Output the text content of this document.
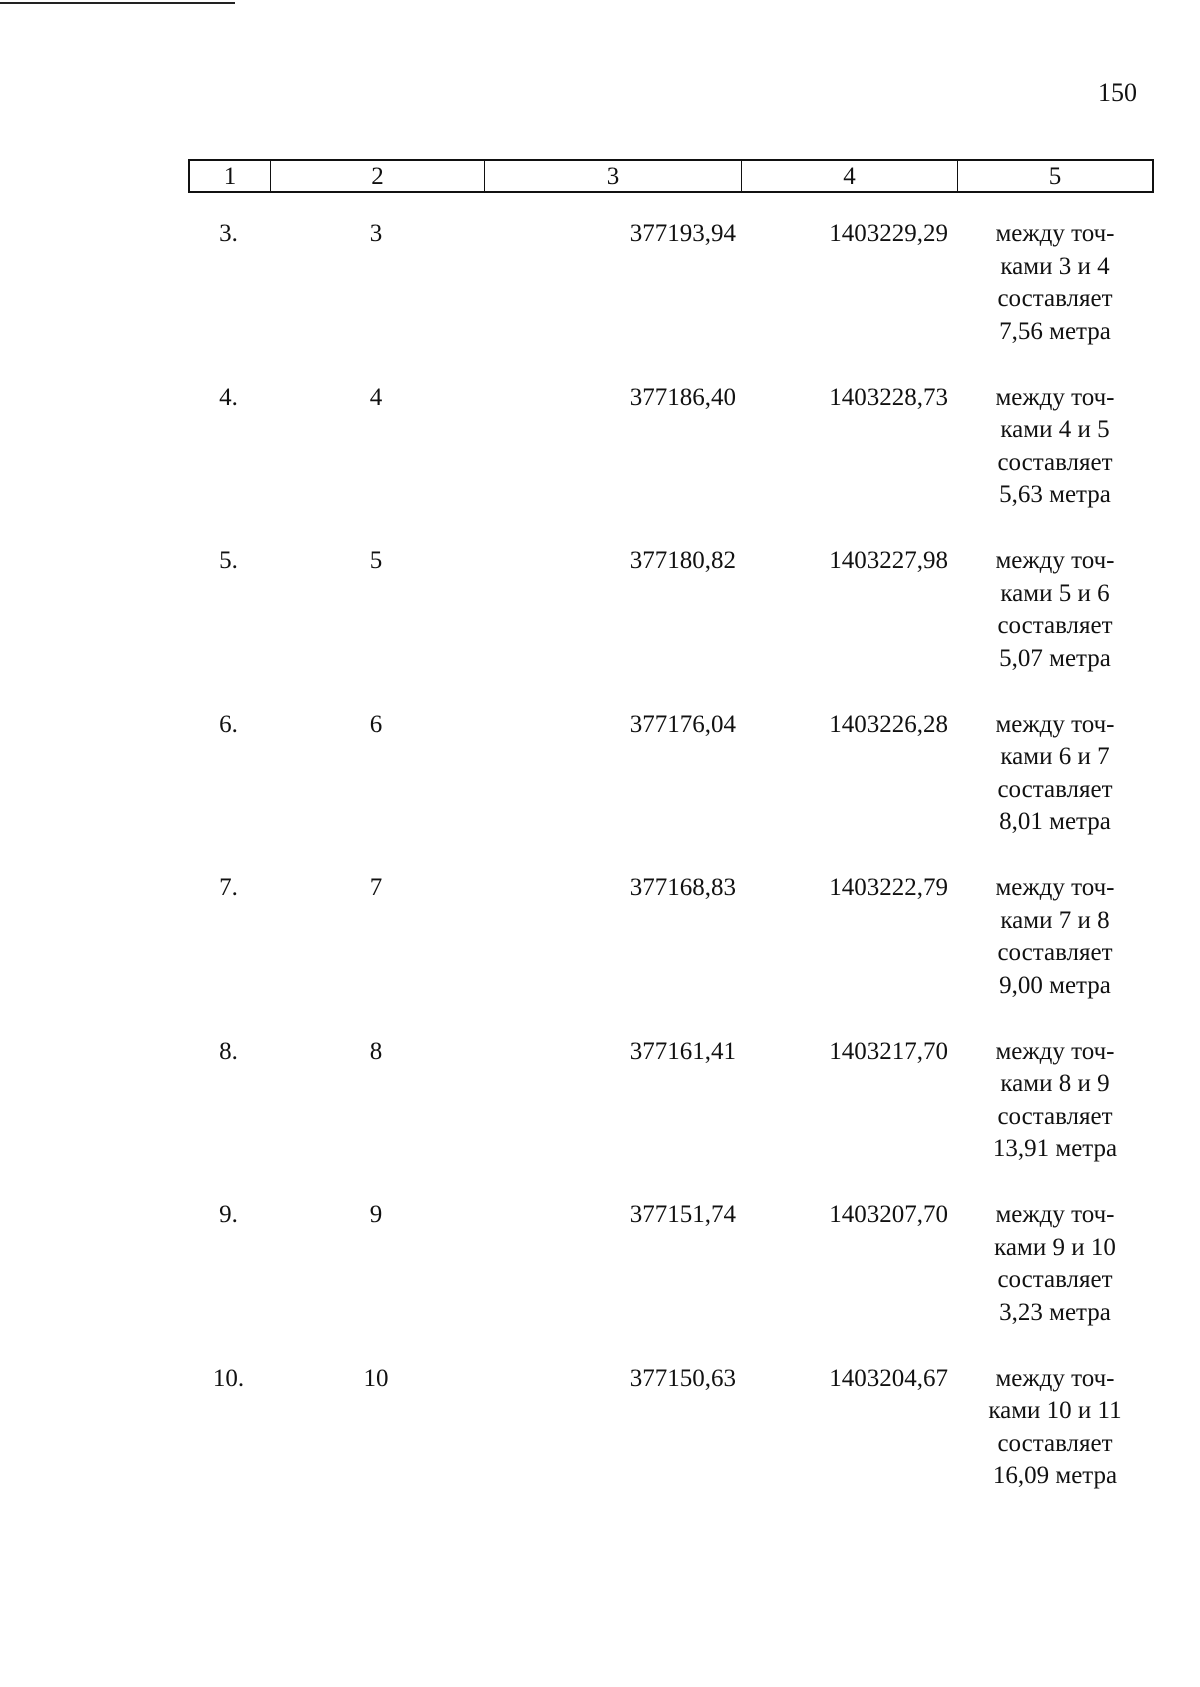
150
1	2	3	4	5
3.	3	377193,94	1403229,29	между точ-
ками 3 и 4
составляет
7,56 метра
4.	4	377186,40	1403228,73	между точ-
ками 4 и 5
составляет
5,63 метра
5.	5	377180,82	1403227,98	между точ-
ками 5 и 6
составляет
5,07 метра
6.	6	377176,04	1403226,28	между точ-
ками 6 и 7
составляет
8,01 метра
7.	7	377168,83	1403222,79	между точ-
ками 7 и 8
составляет
9,00 метра
8.	8	377161,41	1403217,70	между точ-
ками 8 и 9
составляет
13,91 метра
9.	9	377151,74	1403207,70	между точ-
ками 9 и 10
составляет
3,23 метра
10.	10	377150,63	1403204,67	между точ-
ками 10 и 11
составляет
16,09 метра
